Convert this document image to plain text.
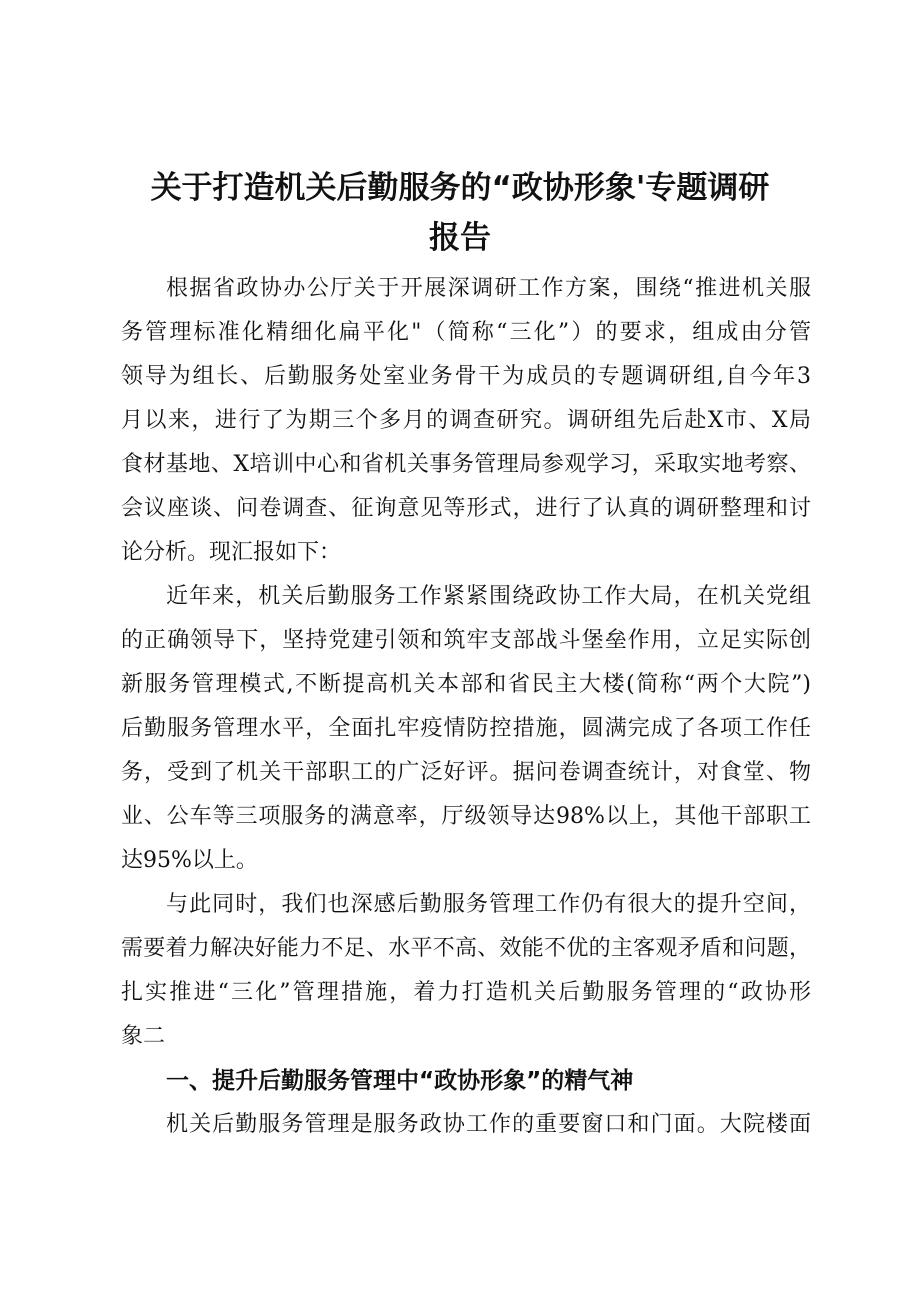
关于打造机关后勤服务的“政协形象'专题调研
报告
根据省政协办公厅关于开展深调研工作方案，围绕“推进机关服
务管理标准化精细化扁平化"（简称“三化”）的要求，组成由分管
领导为组长、后勤服务处室业务骨干为成员的专题调研组,自今年3
月以来，进行了为期三个多月的调查研究。调研组先后赴X市、X局
食材基地、X培训中心和省机关事务管理局参观学习，采取实地考察、
会议座谈、问卷调查、征询意见等形式，进行了认真的调研整理和讨
论分析。现汇报如下：
近年来，机关后勤服务工作紧紧围绕政协工作大局，在机关党组
的正确领导下，坚持党建引领和筑牢支部战斗堡垒作用，立足实际创
新服务管理模式,不断提高机关本部和省民主大楼(简称“两个大院”)
后勤服务管理水平，全面扎牢疫情防控措施，圆满完成了各项工作任
务，受到了机关干部职工的广泛好评。据问卷调查统计，对食堂、物
业、公车等三项服务的满意率，厅级领导达98%以上，其他干部职工
达95%以上。
与此同时，我们也深感后勤服务管理工作仍有很大的提升空间，
需要着力解决好能力不足、水平不高、效能不优的主客观矛盾和问题，
扎实推进“三化”管理措施，着力打造机关后勤服务管理的“政协形
象二
一、提升后勤服务管理中“政协形象”的精气神
机关后勤服务管理是服务政协工作的重要窗口和门面。大院楼面
